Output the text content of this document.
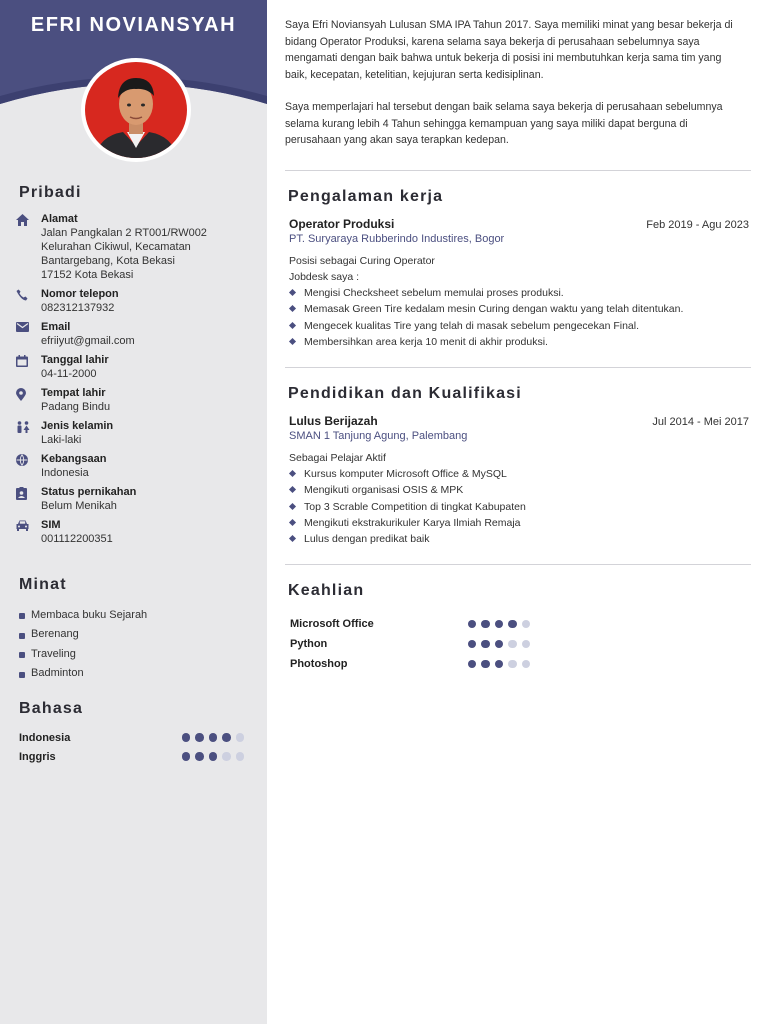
EFRI NOVIANSYAH
Pribadi
Alamat
Jalan Pangkalan 2 RT001/RW002 Kelurahan Cikiwul, Kecamatan Bantargebang, Kota Bekasi
17152 Kota Bekasi
Nomor telepon
082312137932
Email
efriiyut@gmail.com
Tanggal lahir
04-11-2000
Tempat lahir
Padang Bindu
Jenis kelamin
Laki-laki
Kebangsaan
Indonesia
Status pernikahan
Belum Menikah
SIM
001112200351
Minat
Membaca buku Sejarah
Berenang
Traveling
Badminton
Bahasa
Indonesia
Inggris

Saya Efri Noviansyah Lulusan SMA IPA Tahun 2017. Saya memiliki minat yang besar bekerja di bidang Operator Produksi, karena selama saya bekerja di perusahaan sebelumnya saya mengamati dengan baik bahwa untuk bekerja di posisi ini membutuhkan kerja sama tim yang baik, kecepatan, ketelitian, kejujuran serta kedisiplinan.

Saya memperlajari hal tersebut dengan baik selama saya bekerja di perusahaan sebelumnya selama kurang lebih 4 Tahun sehingga kemampuan yang saya miliki dapat berguna di perusahaan yang akan saya terapkan kedepan.

Pengalaman kerja
Operator Produksi	Feb 2019 - Agu 2023
PT. Suryaraya Rubberindo Industires, Bogor
Posisi sebagai Curing Operator
Jobdesk saya :
Mengisi Checksheet sebelum memulai proses produksi.
Memasak Green Tire kedalam mesin Curing dengan waktu yang telah ditentukan.
Mengecek kualitas Tire yang telah di masak sebelum pengecekan Final.
Membersihkan area kerja 10 menit di akhir produksi.
Pendidikan dan Kualifikasi
Lulus Berijazah	Jul 2014 - Mei 2017
SMAN 1 Tanjung Agung, Palembang
Sebagai Pelajar Aktif
Kursus komputer Microsoft Office & MySQL
Mengikuti organisasi OSIS & MPK
Top 3 Scrable Competition di tingkat Kabupaten
Mengikuti ekstrakurikuler Karya Ilmiah Remaja
Lulus dengan predikat baik
Keahlian
Microsoft Office
Python
Photoshop
